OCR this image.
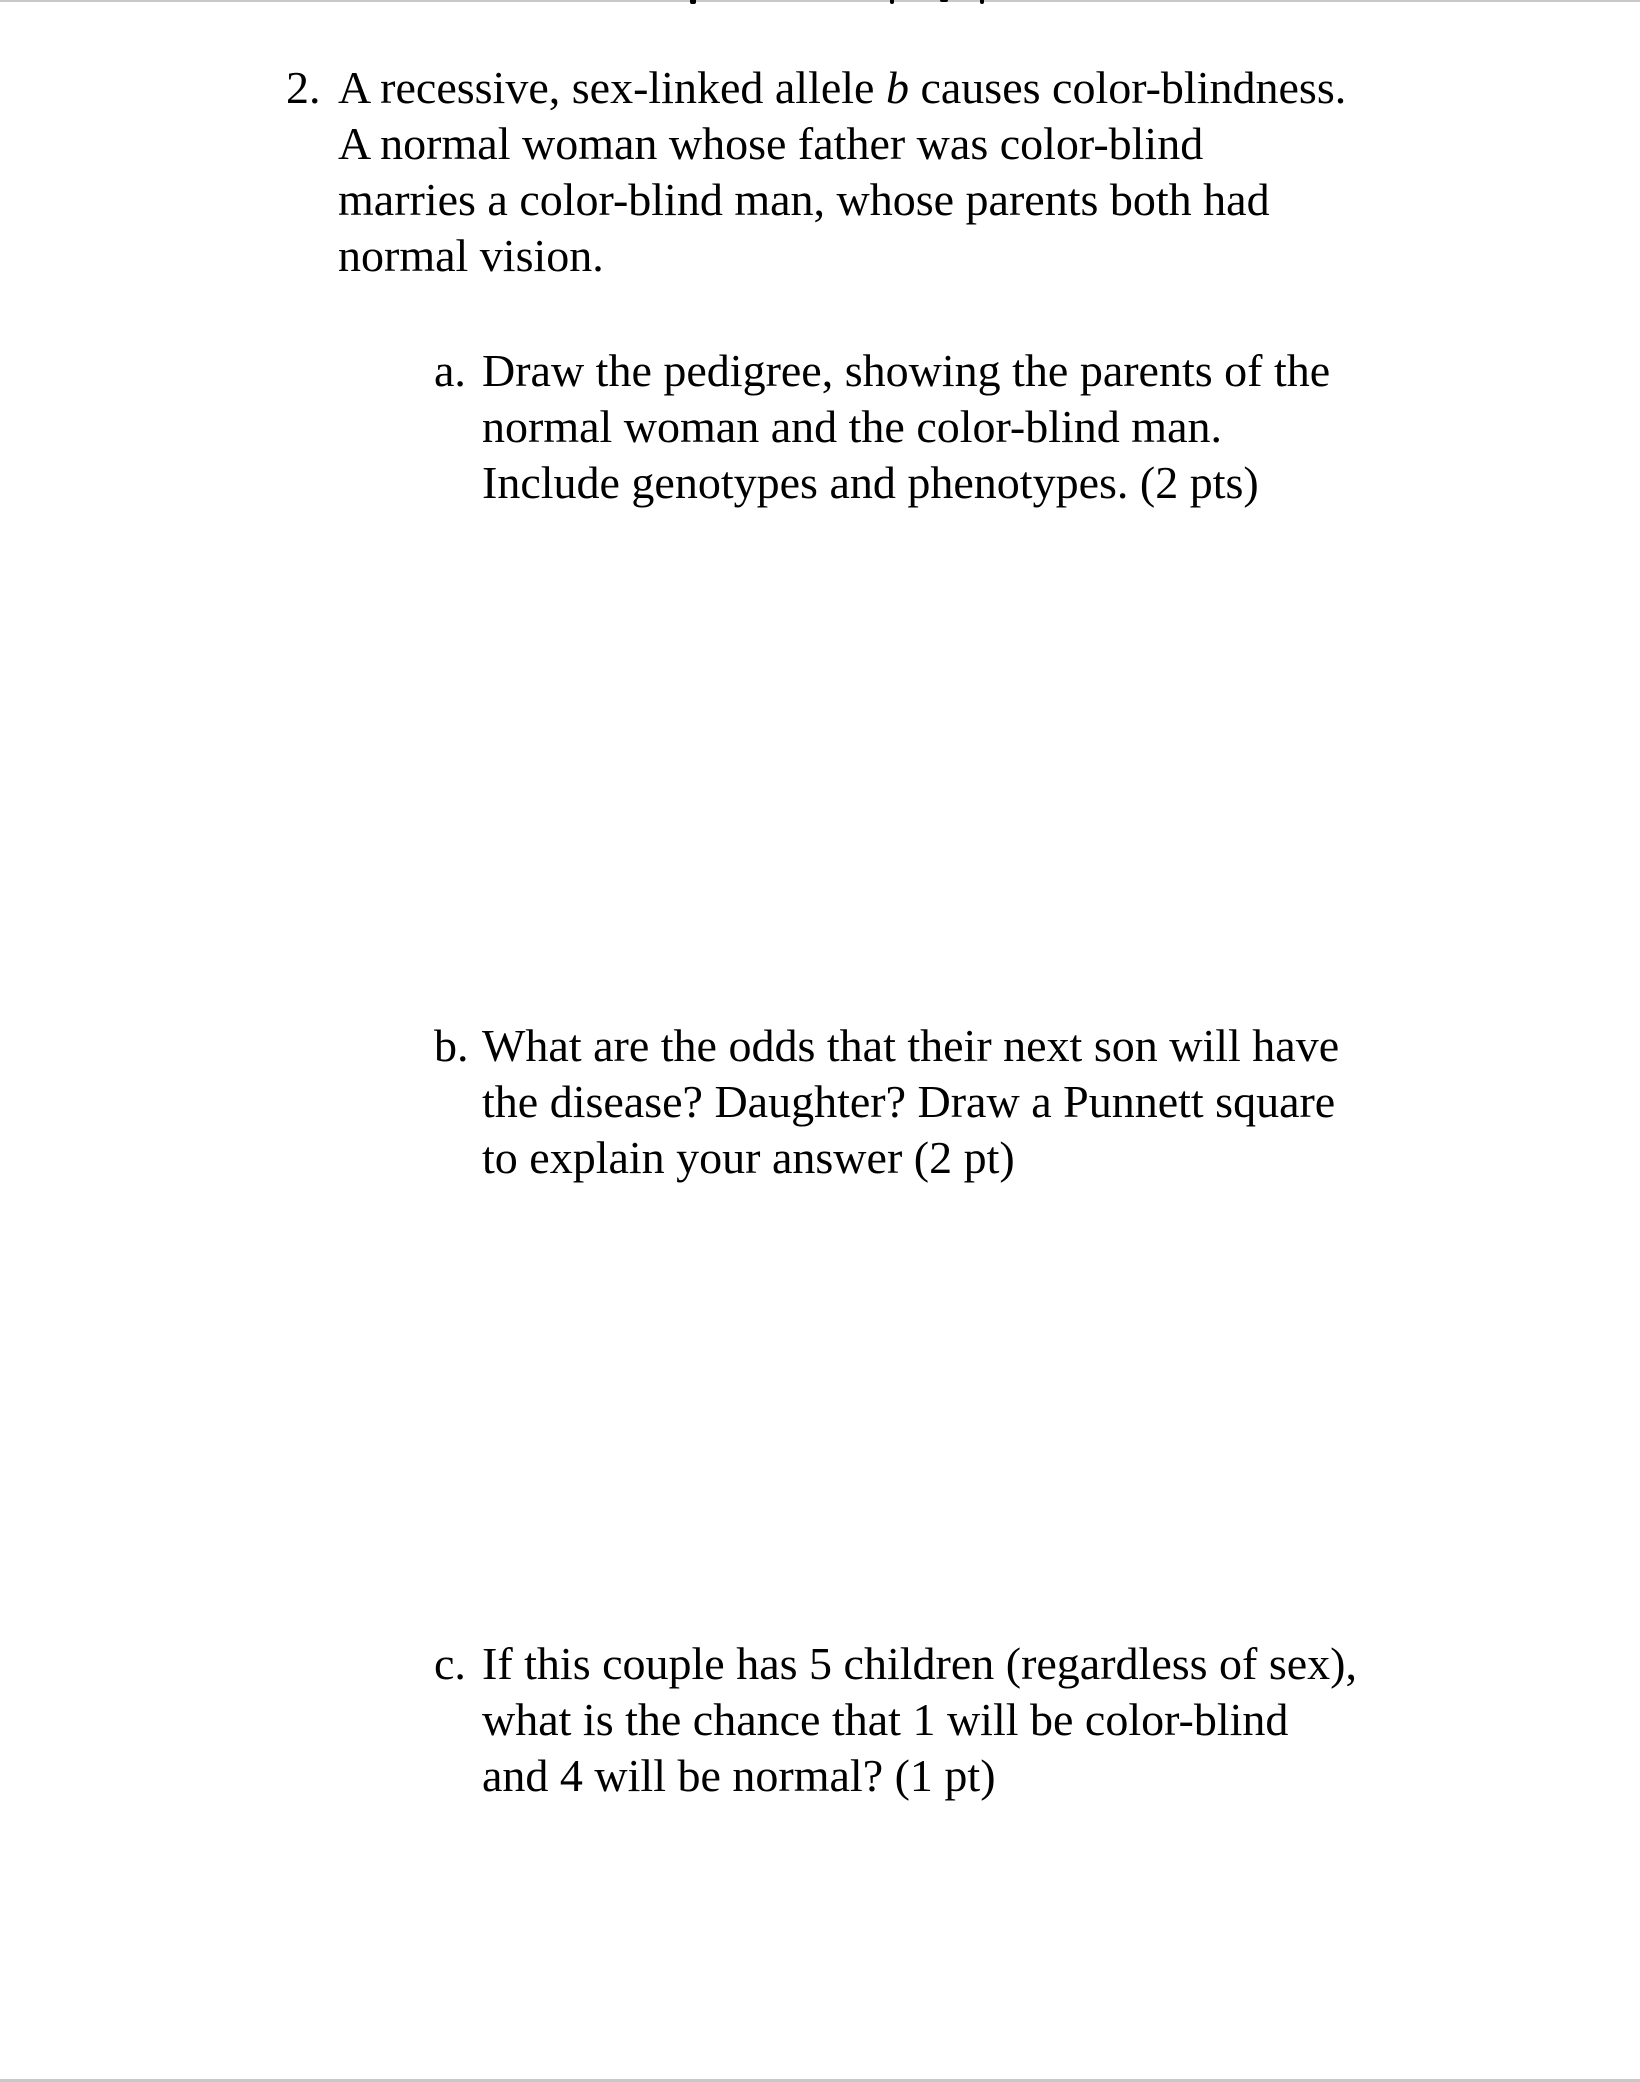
2. A recessive, sex-linked allele b causes color-blindness.
A normal woman whose father was color-blind
marries a color-blind man, whose parents both had
normal vision.
a. Draw the pedigree, showing the parents of the
normal woman and the color-blind man.
Include genotypes and phenotypes. (2 pts)
b. What are the odds that their next son will have
the disease? Daughter? Draw a Punnett square
to explain your answer (2 pt)
c. If this couple has 5 children (regardless of sex),
what is the chance that 1 will be color-blind
and 4 will be normal? (1 pt)
